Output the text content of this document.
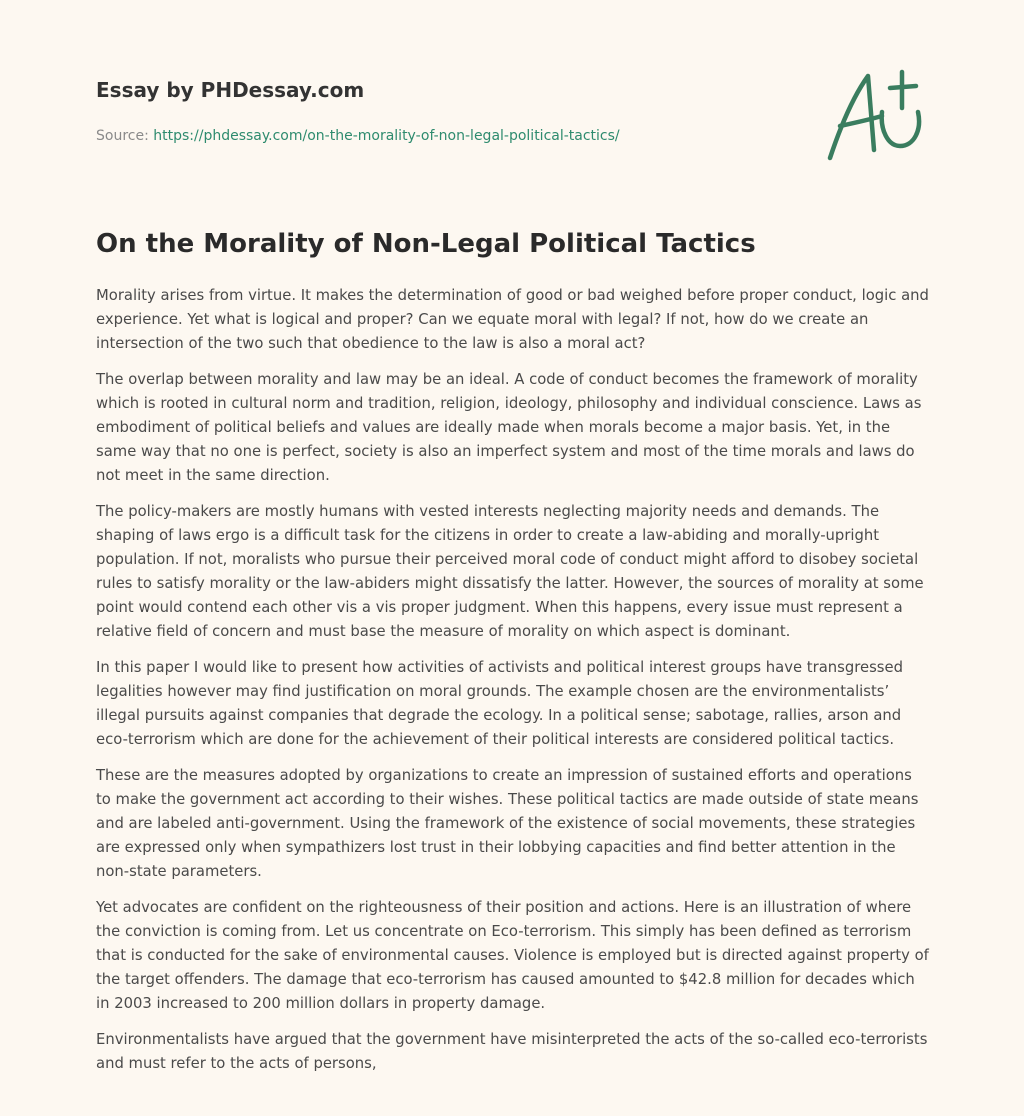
Essay by PHDessay.com
Source: https://phdessay.com/on-the-morality-of-non-legal-political-tactics/
On the Morality of Non-Legal Political Tactics

Morality arises from virtue. It makes the determination of good or bad weighed before proper conduct, logic and experience. Yet what is logical and proper? Can we equate moral with legal? If not, how do we create an intersection of the two such that obedience to the law is also a moral act?

The overlap between morality and law may be an ideal. A code of conduct becomes the framework of morality which is rooted in cultural norm and tradition, religion, ideology, philosophy and individual conscience. Laws as embodiment of political beliefs and values are ideally made when morals become a major basis. Yet, in the same way that no one is perfect, society is also an imperfect system and most of the time morals and laws do not meet in the same direction.

The policy-makers are mostly humans with vested interests neglecting majority needs and demands. The shaping of laws ergo is a difficult task for the citizens in order to create a law-abiding and morally-upright population. If not, moralists who pursue their perceived moral code of conduct might afford to disobey societal rules to satisfy morality or the law-abiders might dissatisfy the latter. However, the sources of morality at some point would contend each other vis a vis proper judgment. When this happens, every issue must represent a relative field of concern and must base the measure of morality on which aspect is dominant.

In this paper I would like to present how activities of activists and political interest groups have transgressed legalities however may find justification on moral grounds. The example chosen are the environmentalists’ illegal pursuits against companies that degrade the ecology. In a political sense; sabotage, rallies, arson and eco-terrorism which are done for the achievement of their political interests are considered political tactics.

These are the measures adopted by organizations to create an impression of sustained efforts and operations to make the government act according to their wishes. These political tactics are made outside of state means and are labeled anti-government. Using the framework of the existence of social movements, these strategies are expressed only when sympathizers lost trust in their lobbying capacities and find better attention in the non-state parameters.

Yet advocates are confident on the righteousness of their position and actions. Here is an illustration of where the conviction is coming from. Let us concentrate on Eco-terrorism. This simply has been defined as terrorism that is conducted for the sake of environmental causes. Violence is employed but is directed against property of the target offenders. The damage that eco-terrorism has caused amounted to $42.8 million for decades which in 2003 increased to 200 million dollars in property damage.

Environmentalists have argued that the government have misinterpreted the acts of the so-called eco-terrorists and must refer to the acts of persons,
